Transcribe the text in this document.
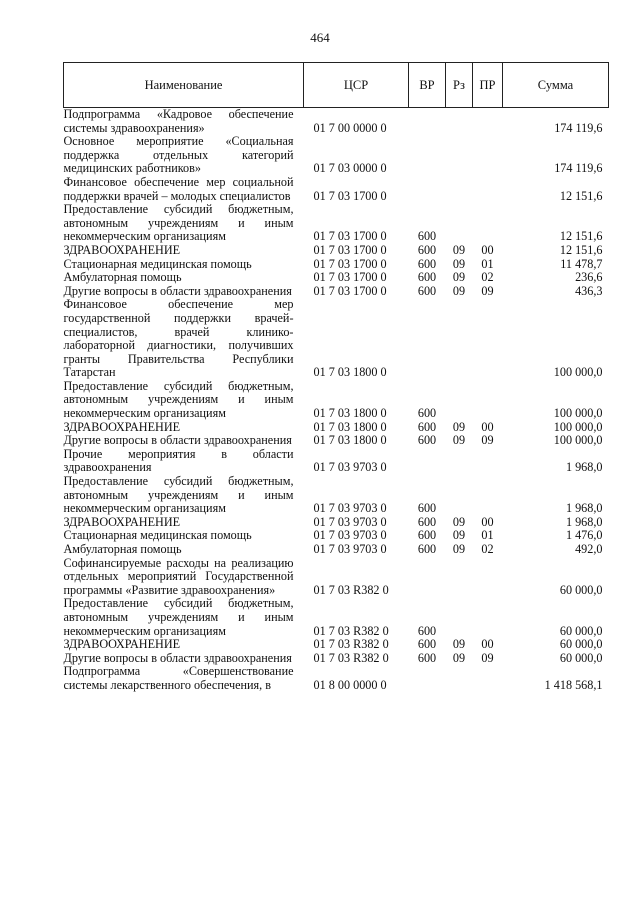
464
Наименование	ЦСР	ВР	Рз	ПР	Сумма
Подпрограмма «Кадровое обеспечение системы здравоохранения»	01 7 00 0000 0				174 119,6
Основное мероприятие «Социальная поддержка отдельных категорий медицинских работников»	01 7 03 0000 0				174 119,6
Финансовое обеспечение мер социальной поддержки врачей – молодых специалистов	01 7 03 1700 0				12 151,6
Предоставление субсидий бюджетным, автономным учреждениям и иным некоммерческим организациям	01 7 03 1700 0	600			12 151,6
ЗДРАВООХРАНЕНИЕ	01 7 03 1700 0	600	09	00	12 151,6
Стационарная медицинская помощь	01 7 03 1700 0	600	09	01	11 478,7
Амбулаторная помощь	01 7 03 1700 0	600	09	02	236,6
Другие вопросы в области здравоохранения	01 7 03 1700 0	600	09	09	436,3
Финансовое обеспечение мер государственной поддержки врачей-специалистов, врачей клинико-лабораторной диагностики, получивших гранты Правительства Республики Татарстан	01 7 03 1800 0				100 000,0
Предоставление субсидий бюджетным, автономным учреждениям и иным некоммерческим организациям	01 7 03 1800 0	600			100 000,0
ЗДРАВООХРАНЕНИЕ	01 7 03 1800 0	600	09	00	100 000,0
Другие вопросы в области здравоохранения	01 7 03 1800 0	600	09	09	100 000,0
Прочие мероприятия в области здравоохранения	01 7 03 9703 0				1 968,0
Предоставление субсидий бюджетным, автономным учреждениям и иным некоммерческим организациям	01 7 03 9703 0	600			1 968,0
ЗДРАВООХРАНЕНИЕ	01 7 03 9703 0	600	09	00	1 968,0
Стационарная медицинская помощь	01 7 03 9703 0	600	09	01	1 476,0
Амбулаторная помощь	01 7 03 9703 0	600	09	02	492,0
Софинансируемые расходы на реализацию отдельных мероприятий Государственной программы «Развитие здравоохранения»	01 7 03 R382 0				60 000,0
Предоставление субсидий бюджетным, автономным учреждениям и иным некоммерческим организациям	01 7 03 R382 0	600			60 000,0
ЗДРАВООХРАНЕНИЕ	01 7 03 R382 0	600	09	00	60 000,0
Другие вопросы в области здравоохранения	01 7 03 R382 0	600	09	09	60 000,0
Подпрограмма «Совершенствование системы лекарственного обеспечения, в	01 8 00 0000 0				1 418 568,1
